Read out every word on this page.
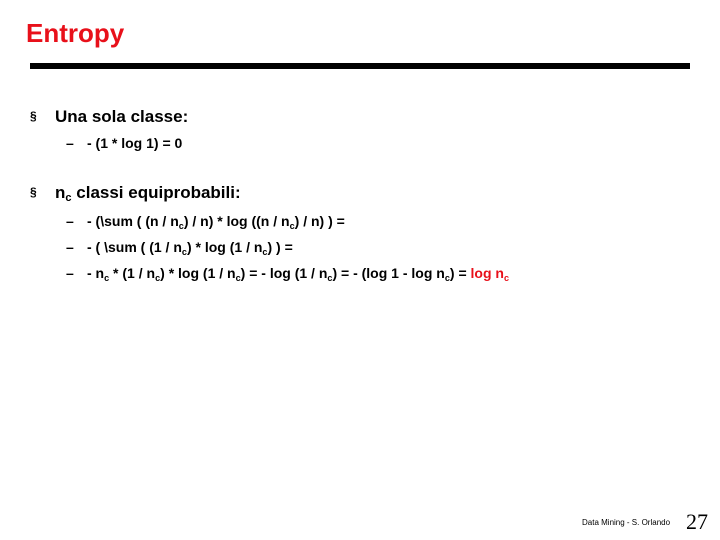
Entropy
§ Una sola classe:
– - (1 * log 1) = 0
§ $n_c$ classi equiprobabili:
– - (\sum ( $(n / n_c) / n$) * $\log ((n / n_c) / n)$ ) =
– - ( \sum ( $(1 / n_c)$ * $\log (1 / n_c)$ ) =
– - $n_c * (1 / n_c)$ * $\log (1 / n_c)$ = - $\log (1 / n_c)$ = - (log $1 - \log n_c) = \log n_c$
Data Mining - S. Orlando 27
